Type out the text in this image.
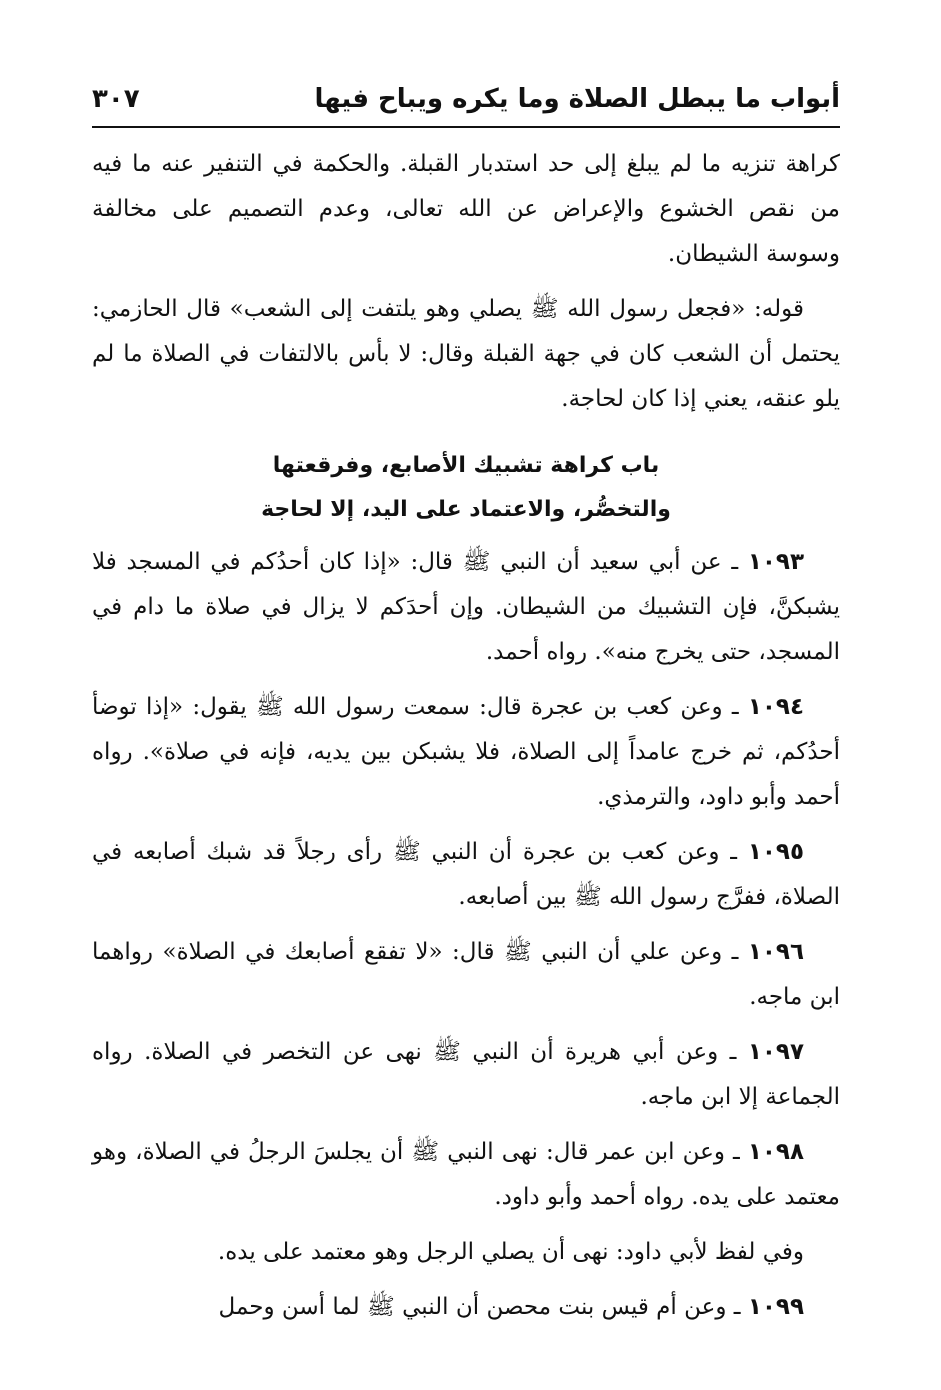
أبواب ما يبطل الصلاة وما يكره ويباح فيها
٣٠٧

كراهة تنزيه ما لم يبلغ إلى حد استدبار القبلة. والحكمة في التنفير عنه ما فيه من نقص الخشوع والإعراض عن الله تعالى، وعدم التصميم على مخالفة وسوسة الشيطان.

قوله: «فجعل رسول الله ﷺ يصلي وهو يلتفت إلى الشعب» قال الحازمي: يحتمل أن الشعب كان في جهة القبلة وقال: لا بأس بالالتفات في الصلاة ما لم يلو عنقه، يعني إذا كان لحاجة.

باب كراهة تشبيك الأصابع، وفرقعتها
والتخصُّر، والاعتماد على اليد، إلا لحاجة

١٠٩٣ ـ عن أبي سعيد أن النبي ﷺ قال: «إذا كان أحدُكم في المسجد فلا يشبكنَّ، فإن التشبيك من الشيطان. وإن أحدَكم لا يزال في صلاة ما دام في المسجد، حتى يخرج منه». رواه أحمد.

١٠٩٤ ـ وعن كعب بن عجرة قال: سمعت رسول الله ﷺ يقول: «إذا توضأ أحدُكم، ثم خرج عامداً إلى الصلاة، فلا يشبكن بين يديه، فإنه في صلاة». رواه أحمد وأبو داود، والترمذي.

١٠٩٥ ـ وعن كعب بن عجرة أن النبي ﷺ رأى رجلاً قد شبك أصابعه في الصلاة، ففرَّج رسول الله ﷺ بين أصابعه.

١٠٩٦ ـ وعن علي أن النبي ﷺ قال: «لا تفقع أصابعك في الصلاة» رواهما ابن ماجه.

١٠٩٧ ـ وعن أبي هريرة أن النبي ﷺ نهى عن التخصر في الصلاة. رواه الجماعة إلا ابن ماجه.

١٠٩٨ ـ وعن ابن عمر قال: نهى النبي ﷺ أن يجلسَ الرجلُ في الصلاة، وهو معتمد على يده. رواه أحمد وأبو داود.

وفي لفظ لأبي داود: نهى أن يصلي الرجل وهو معتمد على يده.

١٠٩٩ ـ وعن أم قيس بنت محصن أن النبي ﷺ لما أسن وحمل
